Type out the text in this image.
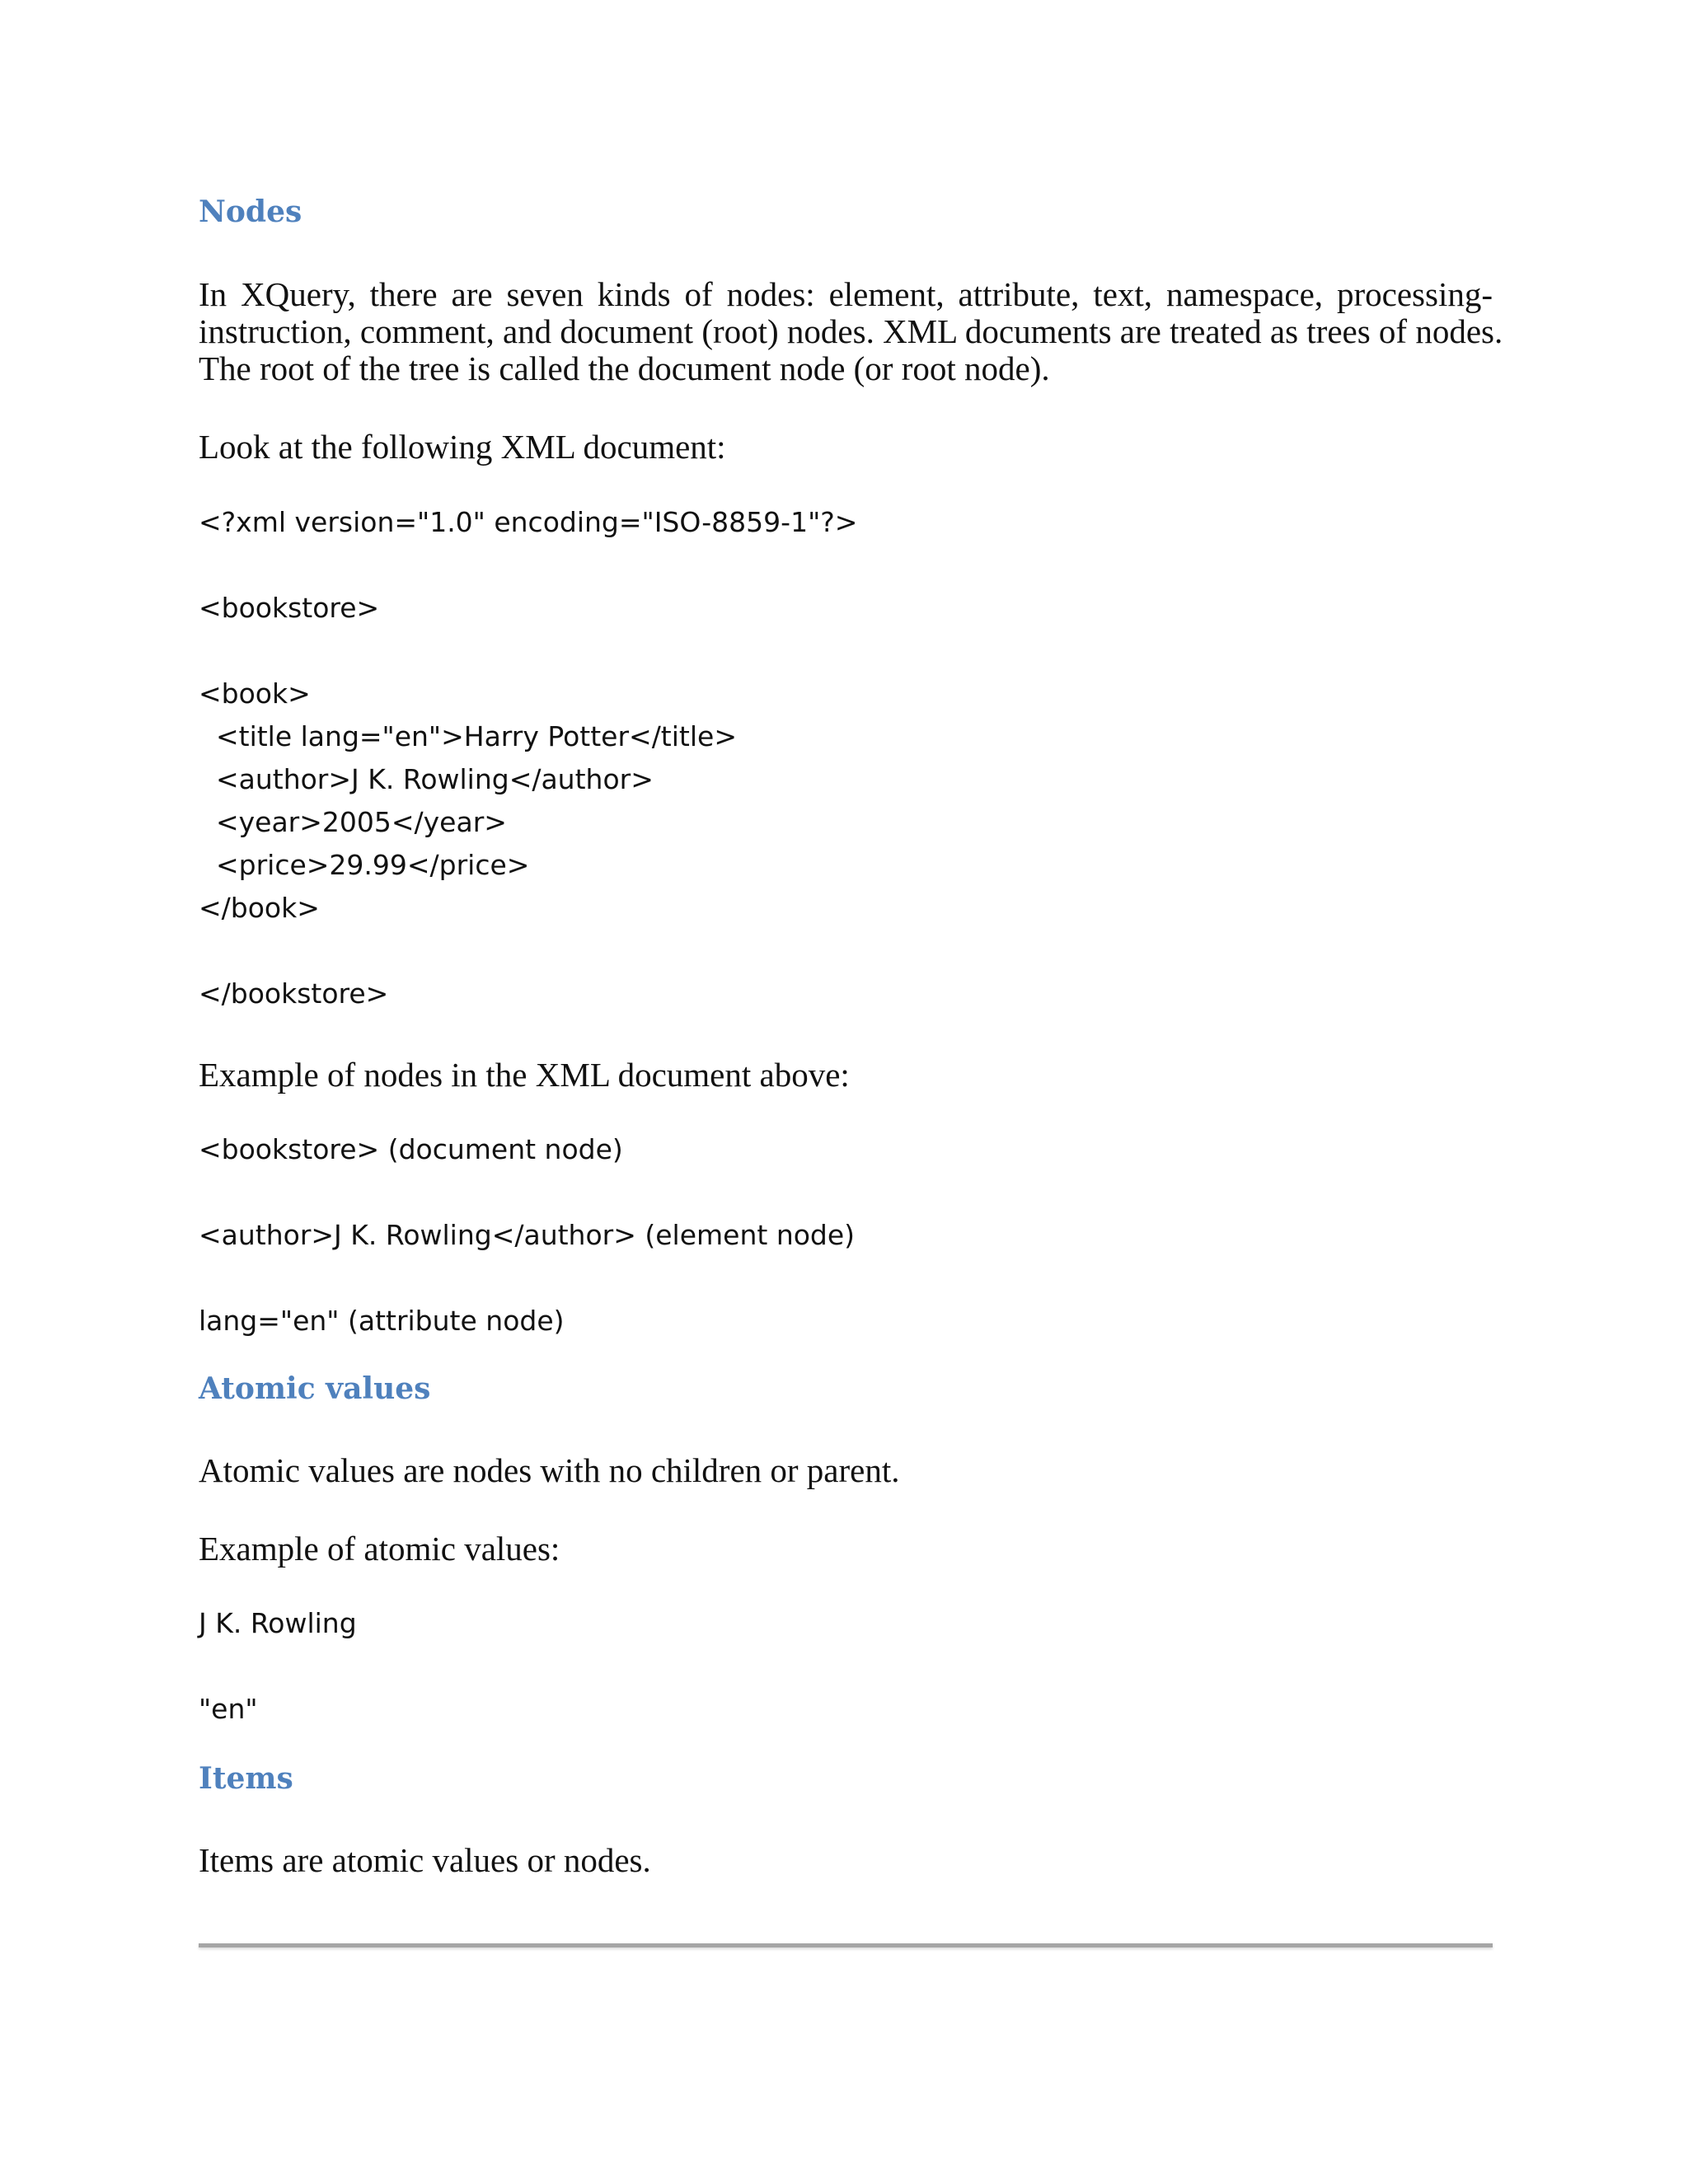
Nodes
In XQuery, there are seven kinds of nodes: element, attribute, text, namespace, processing-
instruction, comment, and document (root) nodes. XML documents are treated as trees of nodes.
The root of the tree is called the document node (or root node).
Look at the following XML document:
<?xml version="1.0" encoding="ISO-8859-1"?>
<bookstore>
<book>
<title lang="en">Harry Potter</title>
<author>J K. Rowling</author>
<year>2005</year>
<price>29.99</price>
</book>
</bookstore>
Example of nodes in the XML document above:
<bookstore> (document node)
<author>J K. Rowling</author> (element node)
lang="en" (attribute node)
Atomic values
Atomic values are nodes with no children or parent.
Example of atomic values:
J K. Rowling
"en"
Items
Items are atomic values or nodes.
